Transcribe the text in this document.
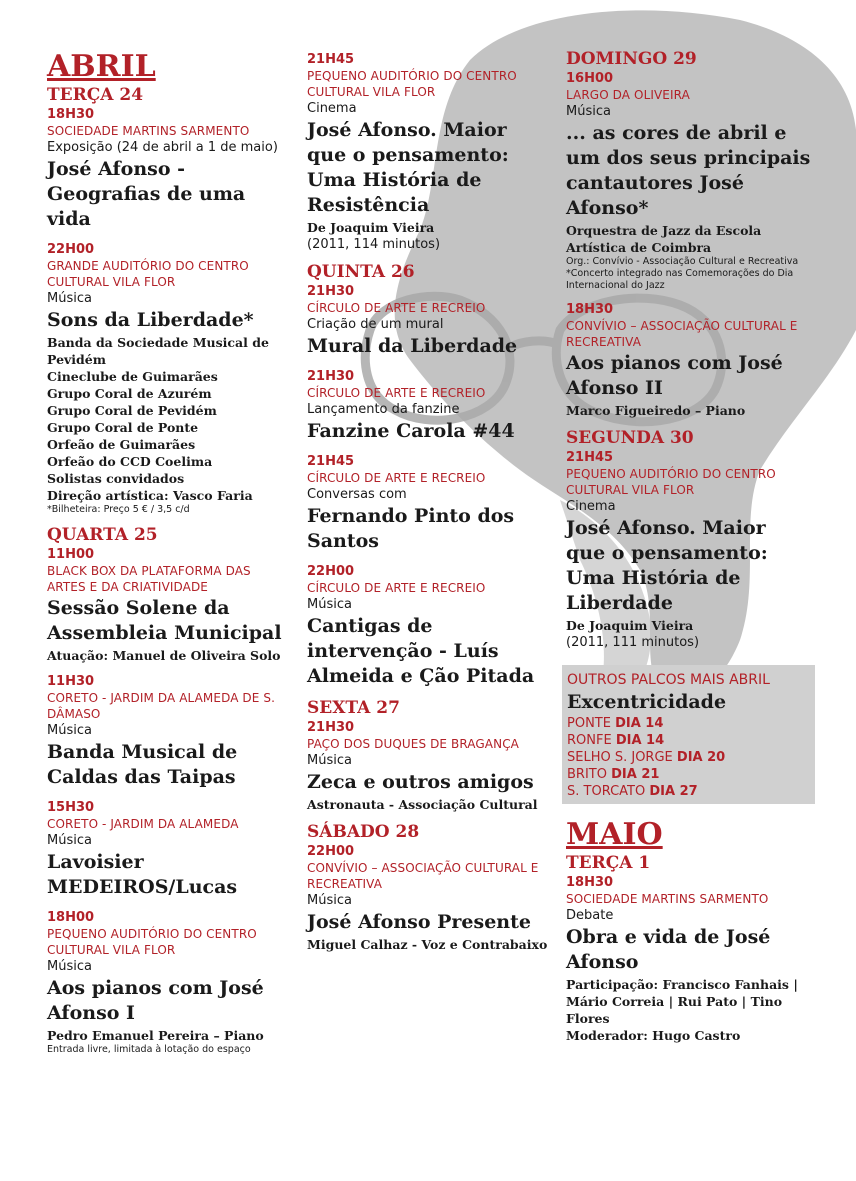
ABRIL
TERÇA 24
18H30
SOCIEDADE MARTINS SARMENTO
Exposição (24 de abril a 1 de maio)
José Afonso - Geografias de uma vida
22H00
GRANDE AUDITÓRIO DO CENTRO CULTURAL VILA FLOR
Música
Sons da Liberdade*
Banda da Sociedade Musical de Pevidém
Cineclube de Guimarães
Grupo Coral de Azurém
Grupo Coral de Pevidém
Grupo Coral de Ponte
Orfeão de Guimarães
Orfeão do CCD Coelima
Solistas convidados
Direção artística: Vasco Faria
*Bilheteira: Preço 5 € / 3,5 c/d
QUARTA 25
11H00
BLACK BOX DA PLATAFORMA DAS ARTES E DA CRIATIVIDADE
Sessão Solene da Assembleia Municipal
Atuação: Manuel de Oliveira Solo
11H30
CORETO - JARDIM DA ALAMEDA DE S. DÂMASO
Música
Banda Musical de Caldas das Taipas
15H30
CORETO - JARDIM DA ALAMEDA
Música
Lavoisier MEDEIROS/Lucas
18H00
PEQUENO AUDITÓRIO DO CENTRO CULTURAL VILA FLOR
Música
Aos pianos com José Afonso I
Pedro Emanuel Pereira – Piano
Entrada livre, limitada à lotação do espaço
21H45
PEQUENO AUDITÓRIO DO CENTRO CULTURAL VILA FLOR
Cinema
José Afonso. Maior que o pensamento: Uma História de Resistência
De Joaquim Vieira
(2011, 114 minutos)
QUINTA 26
21H30
CÍRCULO DE ARTE E RECREIO
Criação de um mural
Mural da Liberdade
21H30
CÍRCULO DE ARTE E RECREIO
Lançamento da fanzine
Fanzine Carola #44
21H45
CÍRCULO DE ARTE E RECREIO
Conversas com
Fernando Pinto dos Santos
22H00
CÍRCULO DE ARTE E RECREIO
Música
Cantigas de intervenção - Luís Almeida e Ção Pitada
SEXTA 27
21H30
PAÇO DOS DUQUES DE BRAGANÇA
Música
Zeca e outros amigos
Astronauta - Associação Cultural
SÁBADO 28
22H00
CONVÍVIO – ASSOCIAÇÃO CULTURAL E RECREATIVA
Música
José Afonso Presente
Miguel Calhaz - Voz e Contrabaixo
DOMINGO 29
16H00
LARGO DA OLIVEIRA
Música
... as cores de abril e um dos seus principais cantautores José Afonso*
Orquestra de Jazz da Escola Artística de Coimbra
Org.: Convívio - Associação Cultural e Recreativa *Concerto integrado nas Comemorações do Dia Internacional do Jazz
18H30
CONVÍVIO – ASSOCIAÇÃO CULTURAL E RECREATIVA
Aos pianos com José Afonso II
Marco Figueiredo – Piano
SEGUNDA 30
21H45
PEQUENO AUDITÓRIO DO CENTRO CULTURAL VILA FLOR
Cinema
José Afonso. Maior que o pensamento: Uma História de Liberdade
De Joaquim Vieira
(2011, 111 minutos)
OUTROS PALCOS MAIS ABRIL
Excentricidade
PONTE DIA 14
RONFE DIA 14
SELHO S. JORGE DIA 20
BRITO DIA 21
S. TORCATO DIA 27
MAIO
TERÇA 1
18H30
SOCIEDADE MARTINS SARMENTO
Debate
Obra e vida de José Afonso
Participação: Francisco Fanhais | Mário Correia | Rui Pato | Tino Flores
Moderador: Hugo Castro
